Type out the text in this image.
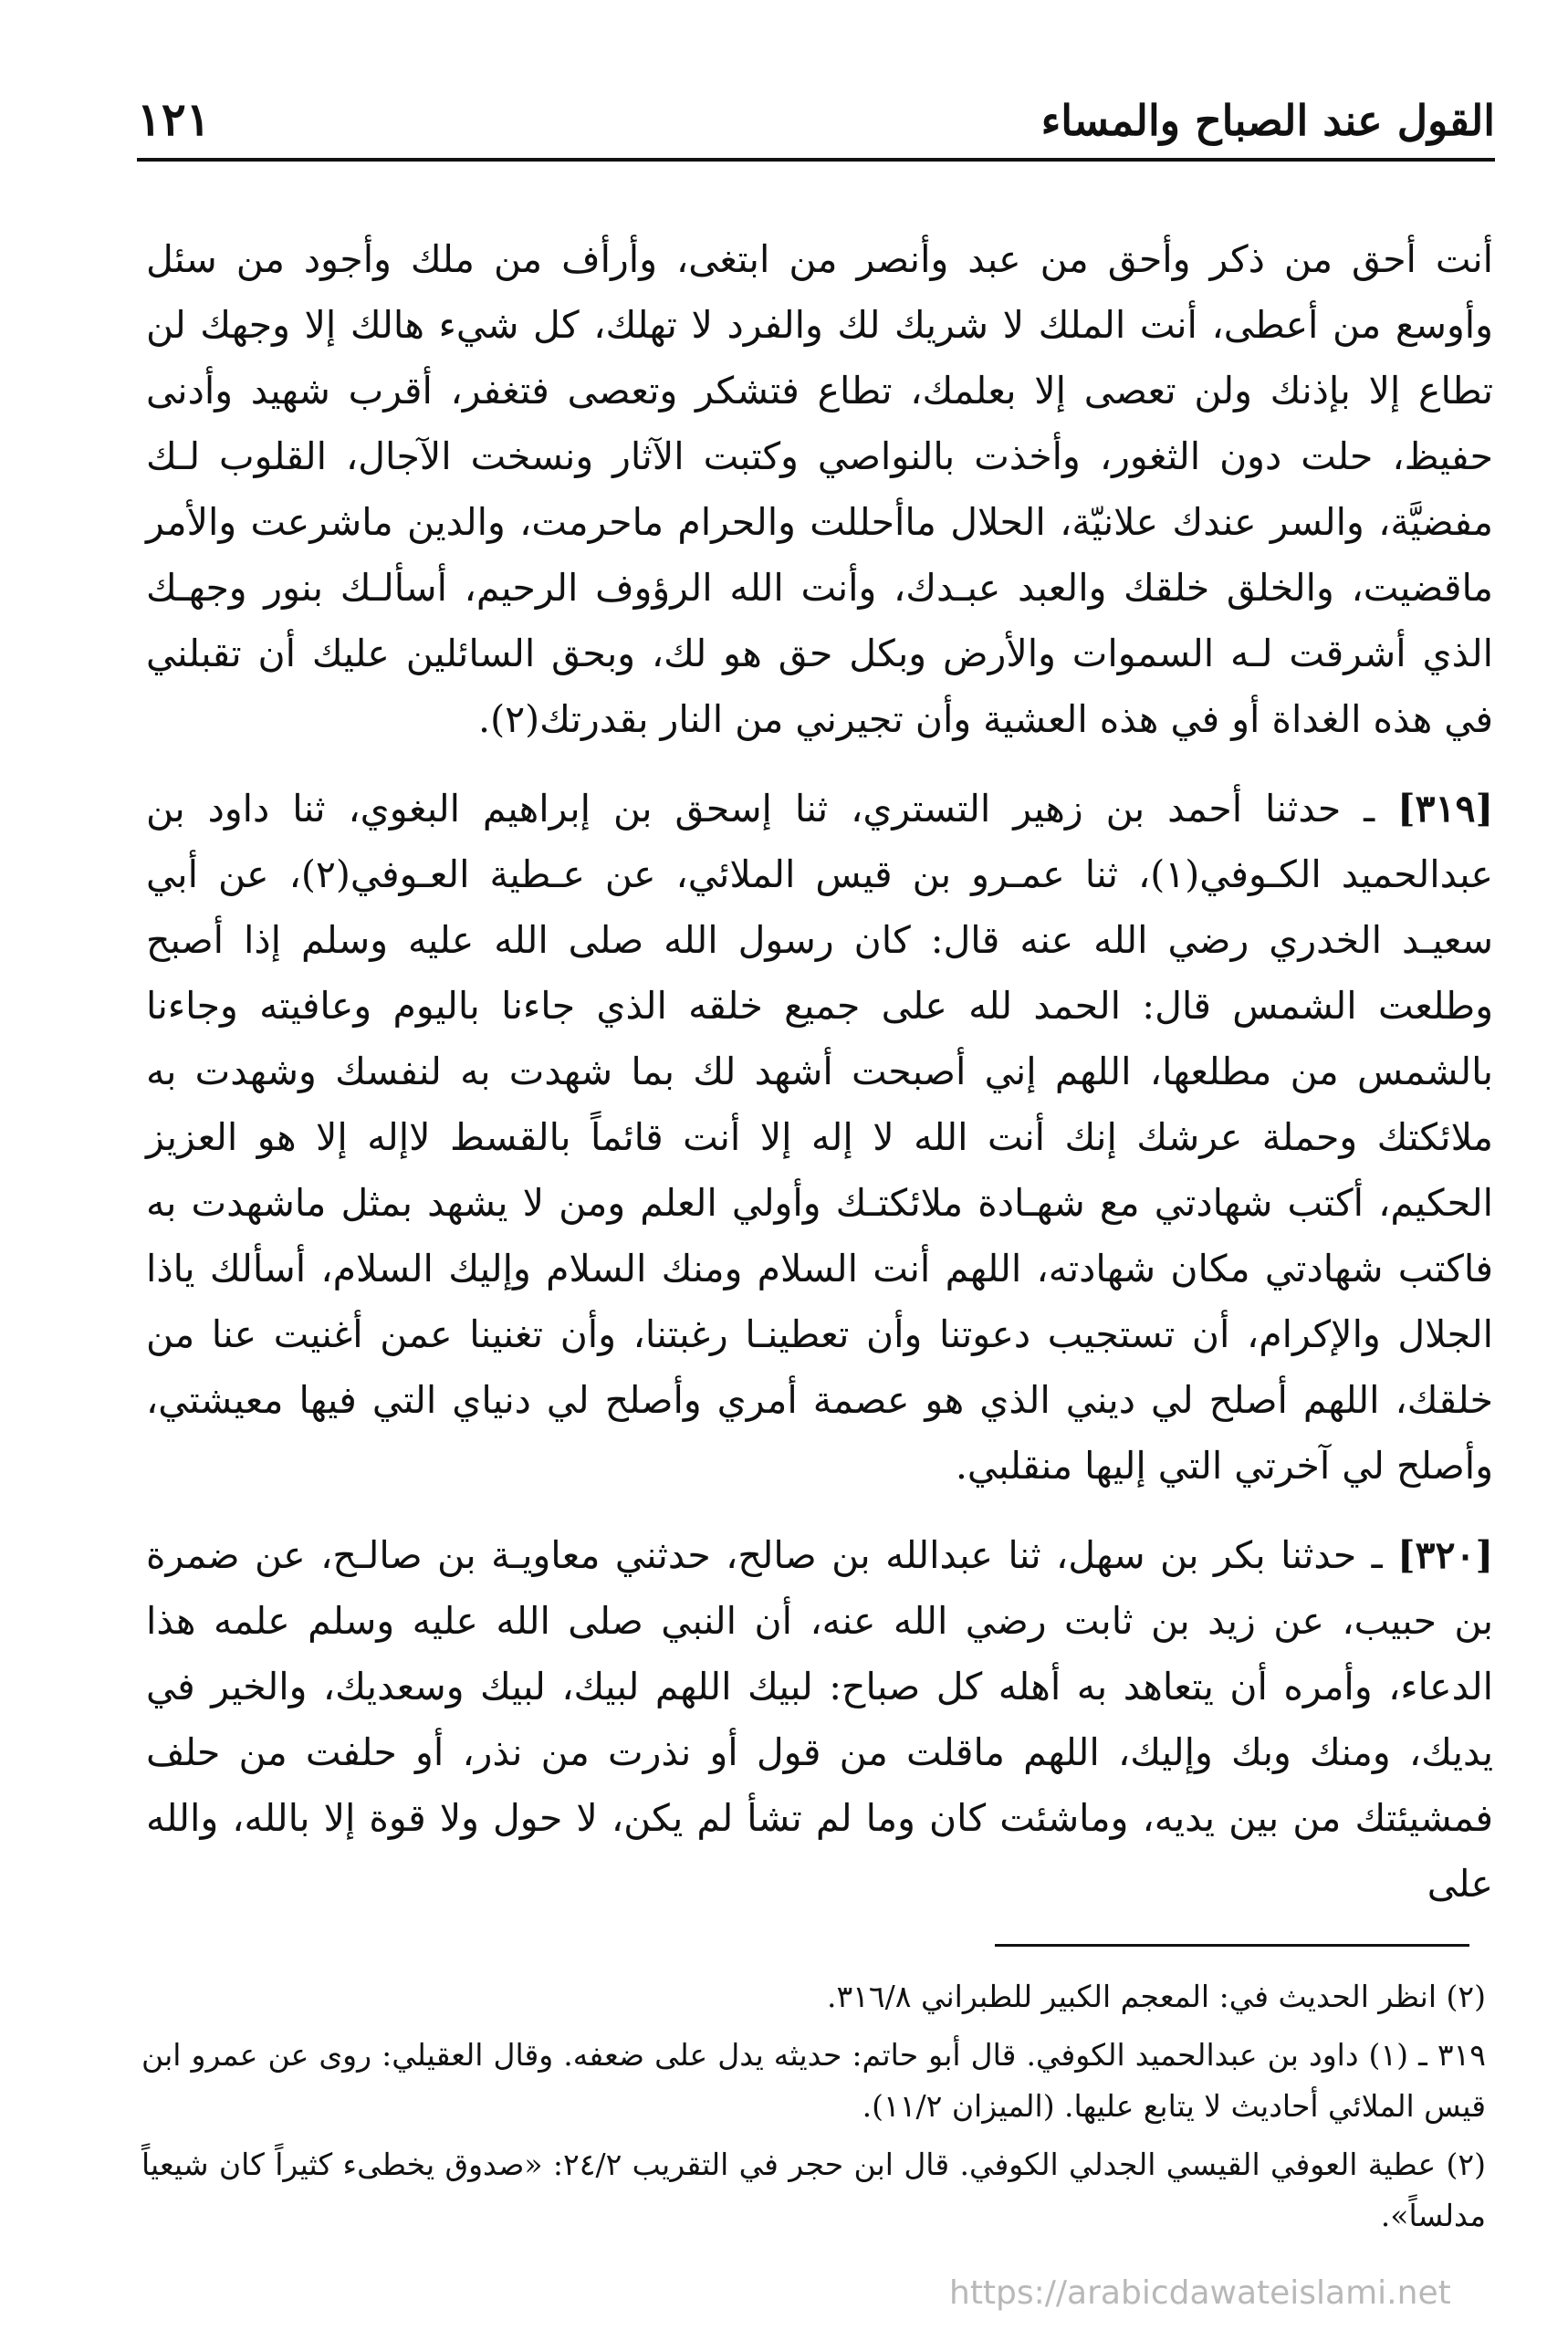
القول عند الصباح والمساء
١٢١

أنت أحق من ذكر وأحق من عبد وأنصر من ابتغى، وأرأف من ملك وأجود من سئل وأوسع من أعطى، أنت الملك لا شريك لك والفرد لا تهلك، كل شيء هالك إلا وجهك لن تطاع إلا بإذنك ولن تعصى إلا بعلمك، تطاع فتشكر وتعصى فتغفر، أقرب شهيد وأدنى حفيظ، حلت دون الثغور، وأخذت بالنواصي وكتبت الآثار ونسخت الآجال، القلوب لـك مفضيَّة، والسر عندك علانيّة، الحلال ماأحللت والحرام ماحرمت، والدين ماشرعت والأمر ماقضيت، والخلق خلقك والعبد عبـدك، وأنت الله الرؤوف الرحيم، أسألـك بنور وجهـك الذي أشرقت لـه السموات والأرض وبكل حق هو لك، وبحق السائلين عليك أن تقبلني في هذه الغداة أو في هذه العشية وأن تجيرني من النار بقدرتك(٢).

[٣١٩] ـ حدثنا أحمد بن زهير التستري، ثنا إسحق بن إبراهيم البغوي، ثنا داود بن عبدالحميد الكـوفي(١)، ثنا عمـرو بن قيس الملائي، عن عـطية العـوفي(٢)، عن أبي سعيـد الخدري رضي الله عنه قال: كان رسول الله صلى الله عليه وسلم إذا أصبح وطلعت الشمس قال: الحمد لله على جميع خلقه الذي جاءنا باليوم وعافيته وجاءنا بالشمس من مطلعها، اللهم إني أصبحت أشهد لك بما شهدت به لنفسك وشهدت به ملائكتك وحملة عرشك إنك أنت الله لا إله إلا أنت قائماً بالقسط لاإله إلا هو العزيز الحكيم، أكتب شهادتي مع شهـادة ملائكتـك وأولي العلم ومن لا يشهد بمثل ماشهدت به فاكتب شهادتي مكان شهادته، اللهم أنت السلام ومنك السلام وإليك السلام، أسألك ياذا الجلال والإكرام، أن تستجيب دعوتنا وأن تعطينـا رغبتنا، وأن تغنينا عمن أغنيت عنا من خلقك، اللهم أصلح لي ديني الذي هو عصمة أمري وأصلح لي دنياي التي فيها معيشتي، وأصلح لي آخرتي التي إليها منقلبي.

[٣٢٠] ـ حدثنا بكر بن سهل، ثنا عبدالله بن صالح، حدثني معاويـة بن صالـح، عن ضمرة بن حبيب، عن زيد بن ثابت رضي الله عنه، أن النبي صلى الله عليه وسلم علمه هذا الدعاء، وأمره أن يتعاهد به أهله كل صباح: لبيك اللهم لبيك، لبيك وسعديك، والخير في يديك، ومنك وبك وإليك، اللهم ماقلت من قول أو نذرت من نذر، أو حلفت من حلف فمشيئتك من بين يديه، وماشئت كان وما لم تشأ لم يكن، لا حول ولا قوة إلا بالله، والله على

(٢) انظر الحديث في: المعجم الكبير للطبراني ٣١٦/٨.

٣١٩ ـ (١) داود بن عبدالحميد الكوفي. قال أبو حاتم: حديثه يدل على ضعفه. وقال العقيلي: روى عن عمرو ابن قيس الملائي أحاديث لا يتابع عليها. (الميزان ١١/٢).

(٢) عطية العوفي القيسي الجدلي الكوفي. قال ابن حجر في التقريب ٢٤/٢: «صدوق يخطىء كثيراً كان شيعياً مدلساً».

https://arabicdawateislami.net
